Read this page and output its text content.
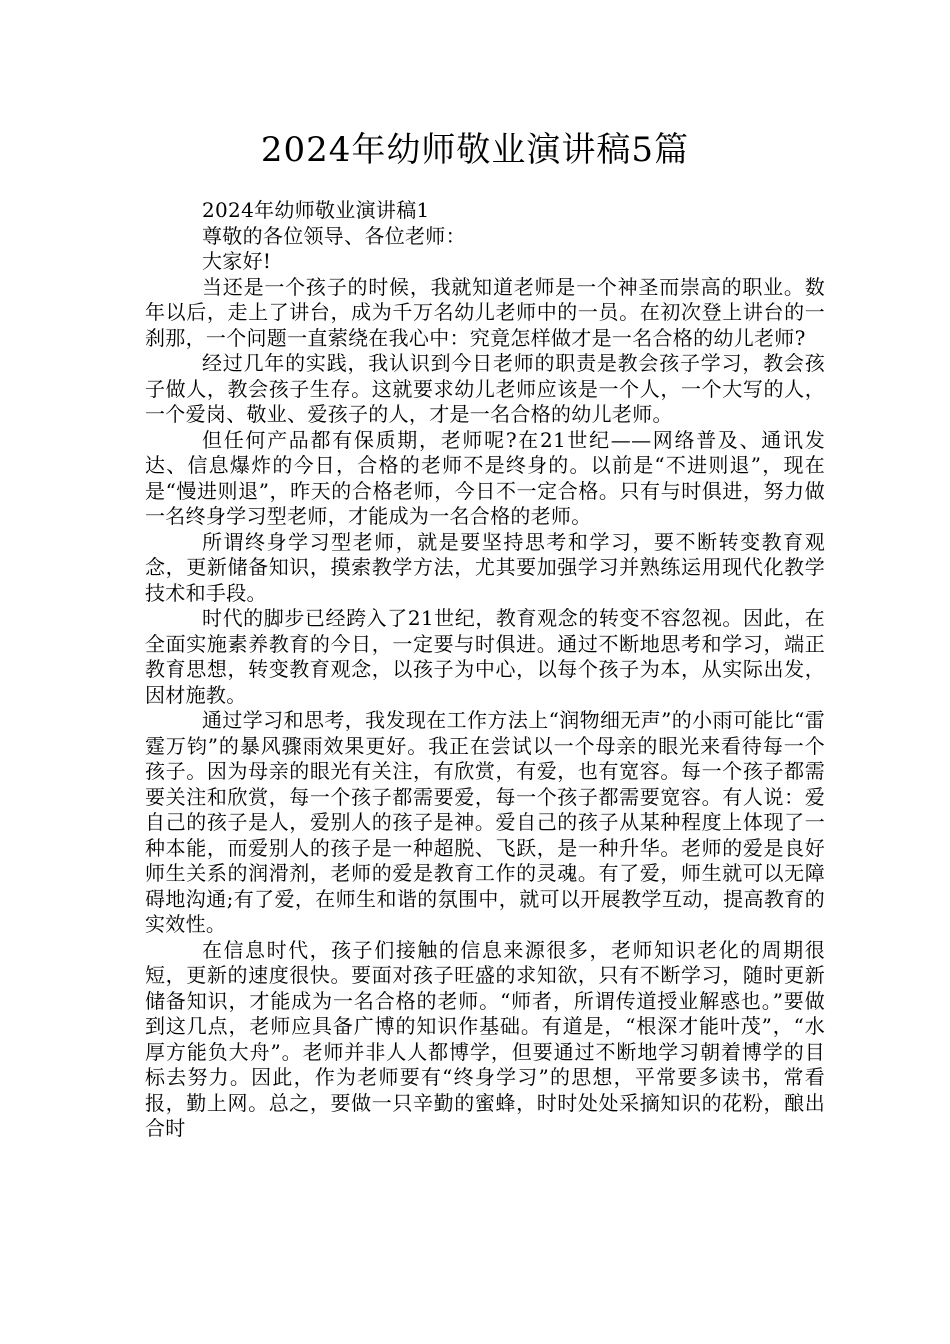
2024年幼师敬业演讲稿5篇

2024年幼师敬业演讲稿1

尊敬的各位领导、各位老师：

大家好!

当还是一个孩子的时候，我就知道老师是一个神圣而崇高的职业。数年以后，走上了讲台，成为千万名幼儿老师中的一员。在初次登上讲台的一刹那，一个问题一直萦绕在我心中：究竟怎样做才是一名合格的幼儿老师?

经过几年的实践，我认识到今日老师的职责是教会孩子学习，教会孩子做人，教会孩子生存。这就要求幼儿老师应该是一个人，一个大写的人，一个爱岗、敬业、爱孩子的人，才是一名合格的幼儿老师。

但任何产品都有保质期，老师呢?在21世纪——网络普及、通讯发达、信息爆炸的今日，合格的老师不是终身的。以前是“不进则退”，现在是“慢进则退”，昨天的合格老师，今日不一定合格。只有与时俱进，努力做一名终身学习型老师，才能成为一名合格的老师。

所谓终身学习型老师，就是要坚持思考和学习，要不断转变教育观念，更新储备知识，摸索教学方法，尤其要加强学习并熟练运用现代化教学技术和手段。

时代的脚步已经跨入了21世纪，教育观念的转变不容忽视。因此，在全面实施素养教育的今日，一定要与时俱进。通过不断地思考和学习，端正教育思想，转变教育观念，以孩子为中心，以每个孩子为本，从实际出发，因材施教。

通过学习和思考，我发现在工作方法上“润物细无声”的小雨可能比“雷霆万钧”的暴风骤雨效果更好。我正在尝试以一个母亲的眼光来看待每一个孩子。因为母亲的眼光有关注，有欣赏，有爱，也有宽容。每一个孩子都需要关注和欣赏，每一个孩子都需要爱，每一个孩子都需要宽容。有人说：爱自己的孩子是人，爱别人的孩子是神。爱自己的孩子从某种程度上体现了一种本能，而爱别人的孩子是一种超脱、飞跃，是一种升华。老师的爱是良好师生关系的润滑剂，老师的爱是教育工作的灵魂。有了爱，师生就可以无障碍地沟通;有了爱，在师生和谐的氛围中，就可以开展教学互动，提高教育的实效性。

在信息时代，孩子们接触的信息来源很多，老师知识老化的周期很短，更新的速度很快。要面对孩子旺盛的求知欲，只有不断学习，随时更新储备知识，才能成为一名合格的老师。“师者，所谓传道授业解惑也。”要做到这几点，老师应具备广博的知识作基础。有道是，“根深才能叶茂”，“水厚方能负大舟”。老师并非人人都博学，但要通过不断地学习朝着博学的目标去努力。因此，作为老师要有“终身学习”的思想，平常要多读书，常看报，勤上网。总之，要做一只辛勤的蜜蜂，时时处处采摘知识的花粉，酿出合时
